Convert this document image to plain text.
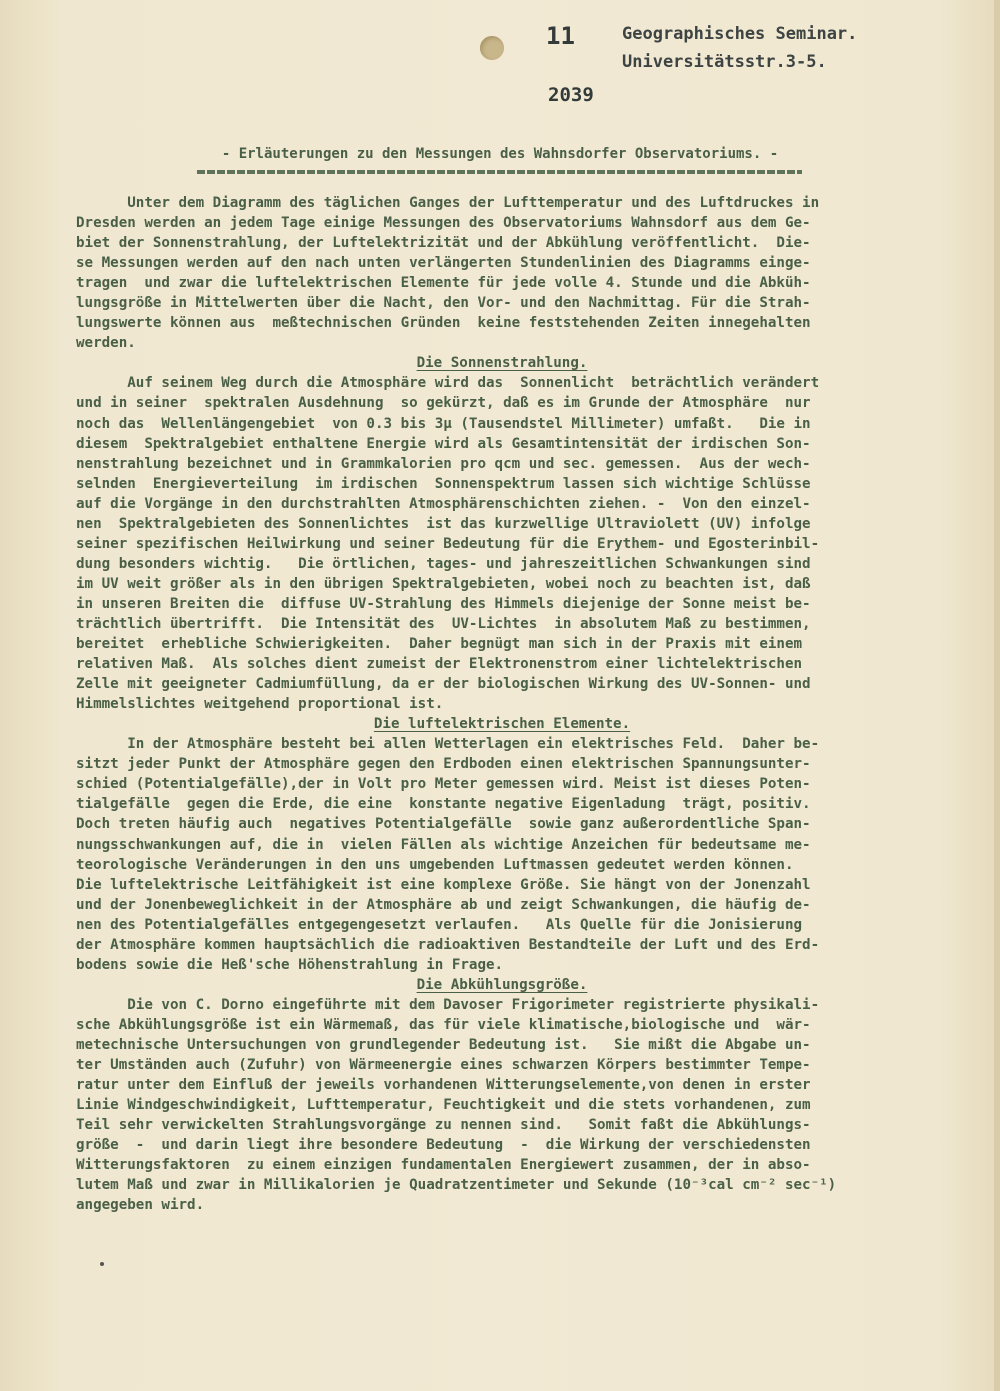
11
2039
Geographisches Seminar.
Universitätsstr.3-5.
- Erläuterungen zu den Messungen des Wahnsdorfer Observatoriums. -
Unter dem Diagramm des täglichen Ganges der Lufttemperatur und des Luftdruckes in
Dresden werden an jedem Tage einige Messungen des Observatoriums Wahnsdorf aus dem Ge-
biet der Sonnenstrahlung, der Luftelektrizität und der Abkühlung veröffentlicht.  Die-
se Messungen werden auf den nach unten verlängerten Stundenlinien des Diagramms einge-
tragen  und zwar die luftelektrischen Elemente für jede volle 4. Stunde und die Abküh-
lungsgröße in Mittelwerten über die Nacht, den Vor- und den Nachmittag. Für die Strah-
lungswerte können aus  meßtechnischen Gründen  keine feststehenden Zeiten innegehalten
werden.
Die Sonnenstrahlung.
Auf seinem Weg durch die Atmosphäre wird das  Sonnenlicht  beträchtlich verändert
und in seiner  spektralen Ausdehnung  so gekürzt, daß es im Grunde der Atmosphäre  nur
noch das  Wellenlängengebiet  von 0.3 bis 3μ (Tausendstel Millimeter) umfaßt.   Die in
diesem  Spektralgebiet enthaltene Energie wird als Gesamtintensität der irdischen Son-
nenstrahlung bezeichnet und in Grammkalorien pro qcm und sec. gemessen.  Aus der wech-
selnden  Energieverteilung  im irdischen  Sonnenspektrum lassen sich wichtige Schlüsse
auf die Vorgänge in den durchstrahlten Atmosphärenschichten ziehen. -  Von den einzel-
nen  Spektralgebieten des Sonnenlichtes  ist das kurzwellige Ultraviolett (UV) infolge
seiner spezifischen Heilwirkung und seiner Bedeutung für die Erythem- und Egosterinbil-
dung besonders wichtig.   Die örtlichen, tages- und jahreszeitlichen Schwankungen sind
im UV weit größer als in den übrigen Spektralgebieten, wobei noch zu beachten ist, daß
in unseren Breiten die  diffuse UV-Strahlung des Himmels diejenige der Sonne meist be-
trächtlich übertrifft.  Die Intensität des  UV-Lichtes  in absolutem Maß zu bestimmen,
bereitet  erhebliche Schwierigkeiten.  Daher begnügt man sich in der Praxis mit einem
relativen Maß.  Als solches dient zumeist der Elektronenstrom einer lichtelektrischen
Zelle mit geeigneter Cadmiumfüllung, da er der biologischen Wirkung des UV-Sonnen- und
Himmelslichtes weitgehend proportional ist.
Die luftelektrischen Elemente.
In der Atmosphäre besteht bei allen Wetterlagen ein elektrisches Feld.  Daher be-
sitzt jeder Punkt der Atmosphäre gegen den Erdboden einen elektrischen Spannungsunter-
schied (Potentialgefälle),der in Volt pro Meter gemessen wird. Meist ist dieses Poten-
tialgefälle  gegen die Erde, die eine  konstante negative Eigenladung  trägt, positiv.
Doch treten häufig auch  negatives Potentialgefälle  sowie ganz außerordentliche Span-
nungsschwankungen auf, die in  vielen Fällen als wichtige Anzeichen für bedeutsame me-
teorologische Veränderungen in den uns umgebenden Luftmassen gedeutet werden können.
Die luftelektrische Leitfähigkeit ist eine komplexe Größe. Sie hängt von der Jonenzahl
und der Jonenbeweglichkeit in der Atmosphäre ab und zeigt Schwankungen, die häufig de-
nen des Potentialgefälles entgegengesetzt verlaufen.   Als Quelle für die Jonisierung
der Atmosphäre kommen hauptsächlich die radioaktiven Bestandteile der Luft und des Erd-
bodens sowie die Heß'sche Höhenstrahlung in Frage.
Die Abkühlungsgröße.
Die von C. Dorno eingeführte mit dem Davoser Frigorimeter registrierte physikali-
sche Abkühlungsgröße ist ein Wärmemaß, das für viele klimatische,biologische und  wär-
metechnische Untersuchungen von grundlegender Bedeutung ist.   Sie mißt die Abgabe un-
ter Umständen auch (Zufuhr) von Wärmeenergie eines schwarzen Körpers bestimmter Tempe-
ratur unter dem Einfluß der jeweils vorhandenen Witterungselemente,von denen in erster
Linie Windgeschwindigkeit, Lufttemperatur, Feuchtigkeit und die stets vorhandenen, zum
Teil sehr verwickelten Strahlungsvorgänge zu nennen sind.   Somit faßt die Abkühlungs-
größe  -  und darin liegt ihre besondere Bedeutung  -  die Wirkung der verschiedensten
Witterungsfaktoren  zu einem einzigen fundamentalen Energiewert zusammen, der in abso-
lutem Maß und zwar in Millikalorien je Quadratzentimeter und Sekunde (10⁻³cal cm⁻² sec⁻¹)
angegeben wird.
